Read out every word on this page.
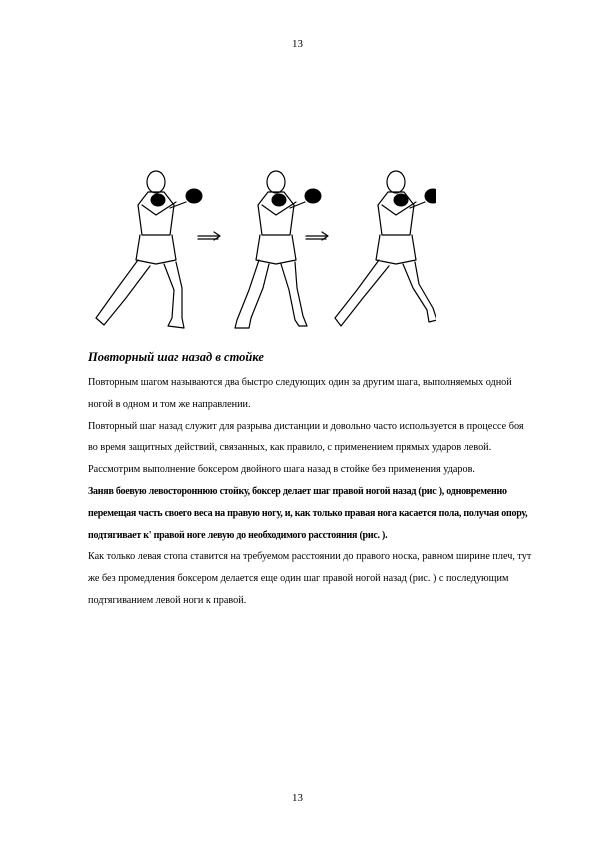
13
Повторный шаг назад в стойке

Повторным шагом называются два быстро следующих один за другим шага, выполняемых одной ногой в одном и том же направлении.

Повторный шаг назад служит для разрыва дистанции и довольно часто используется в процессе боя во время защитных действий, связанных, как правило, с применением прямых ударов левой.

Рассмотрим выполнение боксером двойного шага назад в стойке без применения ударов.

Заняв боевую левостороннюю стойку, боксер делает шаг правой ногой назад (рис ), одновременно перемещая часть своего веса на правую ногу, и, как только правая нога касается пола, получая опору, подтягивает к' правой ноге левую до необходимого расстояния (рис. ).

Как только левая стопа ставится на требуемом расстоянии до правого носка, равном ширине плеч, тут же без промедления боксером делается еще один шаг правой ногой назад (рис. ) с последующим подтягиванием левой ноги к правой.

13
